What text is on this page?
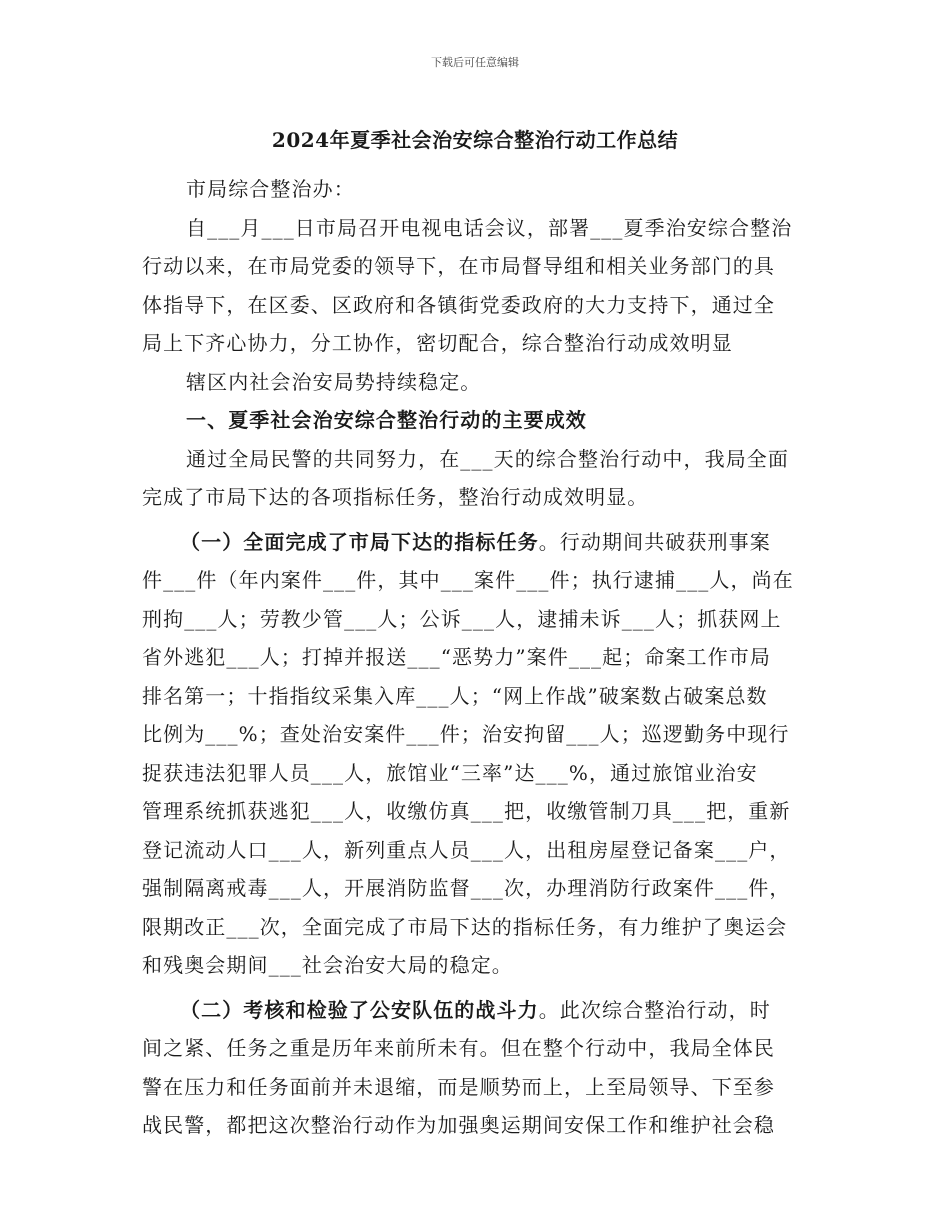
下载后可任意编辑
2024年夏季社会治安综合整治行动工作总结
市局综合整治办：
自___月___日市局召开电视电话会议，部署___夏季治安综合整治
行动以来，在市局党委的领导下，在市局督导组和相关业务部门的具
体指导下，在区委、区政府和各镇街党委政府的大力支持下，通过全
局上下齐心协力，分工协作，密切配合，综合整治行动成效明显
辖区内社会治安局势持续稳定。
一、夏季社会治安综合整治行动的主要成效
通过全局民警的共同努力，在___天的综合整治行动中，我局全面
完成了市局下达的各项指标任务，整治行动成效明显。
（一）全面完成了市局下达的指标任务。行动期间共破获刑事案
件___件（年内案件___件，其中___案件___件；执行逮捕___人，尚在
刑拘___人；劳教少管___人；公诉___人，逮捕未诉___人；抓获网上
省外逃犯___人；打掉并报送___“恶势力”案件___起；命案工作市局
排名第一；十指指纹采集入库___人；“网上作战”破案数占破案总数
比例为___%；查处治安案件___件；治安拘留___人；巡逻勤务中现行
捉获违法犯罪人员___人，旅馆业“三率”达___%，通过旅馆业治安
管理系统抓获逃犯___人，收缴仿真___把，收缴管制刀具___把，重新
登记流动人口___人，新列重点人员___人，出租房屋登记备案___户，
强制隔离戒毒___人，开展消防监督___次，办理消防行政案件___件，
限期改正___次，全面完成了市局下达的指标任务，有力维护了奥运会
和残奥会期间___社会治安大局的稳定。
（二）考核和检验了公安队伍的战斗力。此次综合整治行动，时
间之紧、任务之重是历年来前所未有。但在整个行动中，我局全体民
警在压力和任务面前并未退缩，而是顺势而上，上至局领导、下至参
战民警，都把这次整治行动作为加强奥运期间安保工作和维护社会稳
